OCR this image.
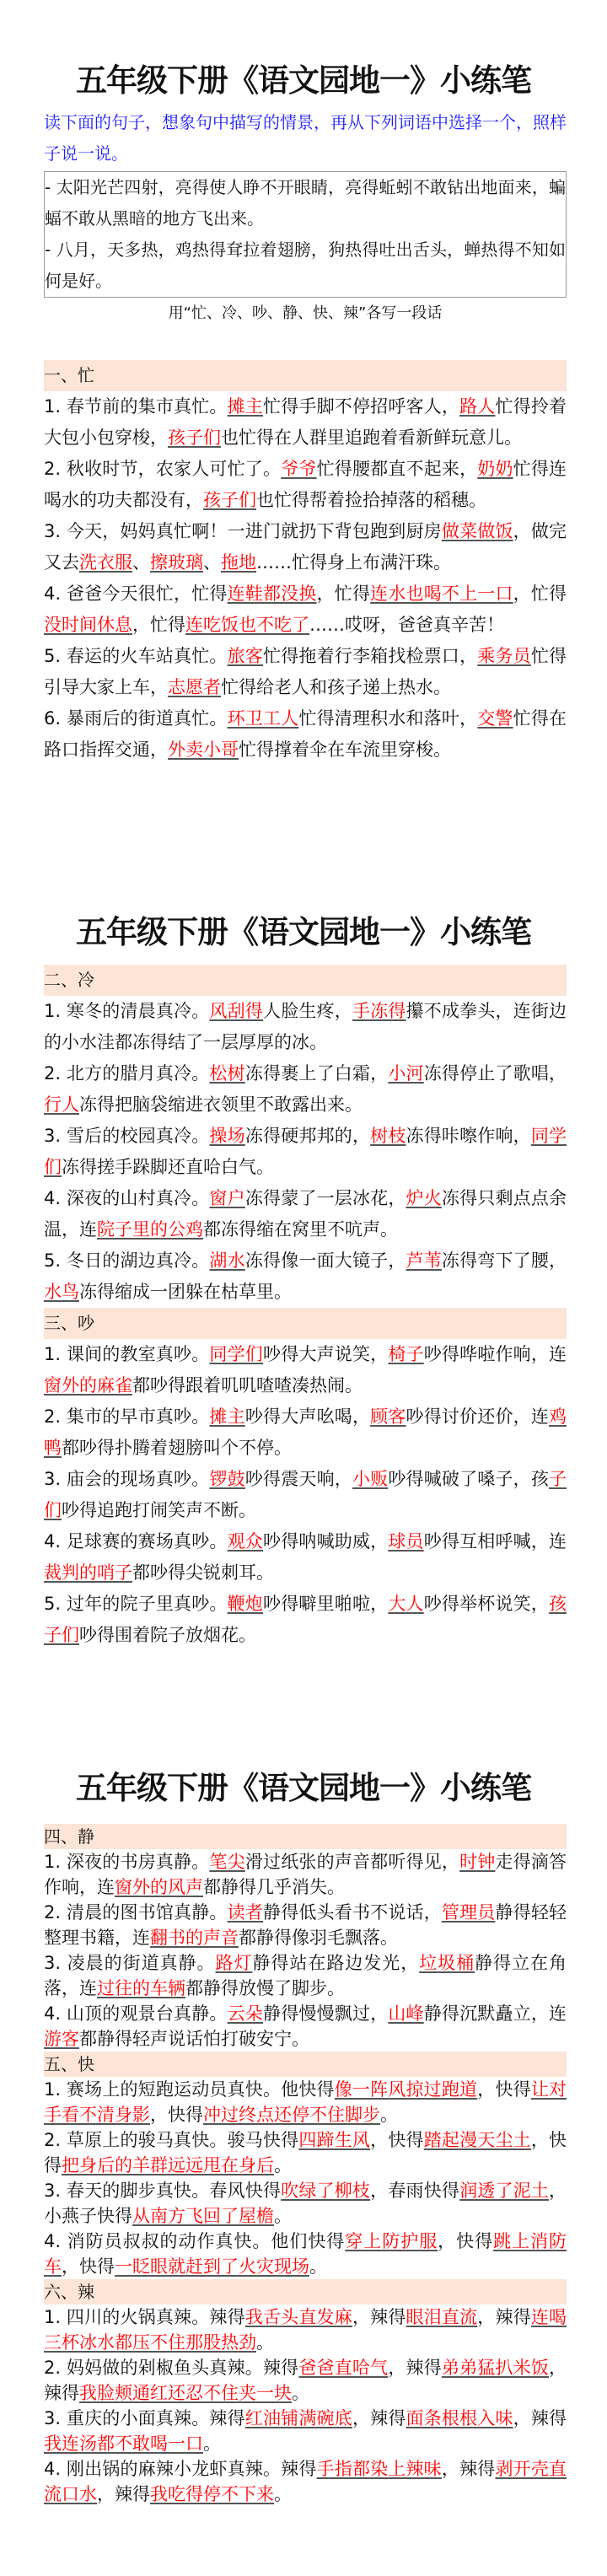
五年级下册《语文园地一》小练笔
读下面的句子，想象句中描写的情景，再从下列词语中选择一个，照样子说一说。
- 太阳光芒四射，亮得使人睁不开眼睛，亮得蚯蚓不敢钻出地面来，蝙蝠不敢从黑暗的地方飞出来。
- 八月，天多热，鸡热得耷拉着翅膀，狗热得吐出舌头，蝉热得不知如何是好。
用“忙、冷、吵、静、快、辣”各写一段话
一、忙
1. 春节前的集市真忙。摊主忙得手脚不停招呼客人，路人忙得拎着大包小包穿梭，孩子们也忙得在人群里追跑着看新鲜玩意儿。
2. 秋收时节，农家人可忙了。爷爷忙得腰都直不起来，奶奶忙得连喝水的功夫都没有，孩子们也忙得帮着捡拾掉落的稻穗。
3. 今天，妈妈真忙啊！一进门就扔下背包跑到厨房做菜做饭，做完又去洗衣服、擦玻璃、拖地……忙得身上布满汗珠。
4. 爸爸今天很忙，忙得连鞋都没换，忙得连水也喝不上一口，忙得没时间休息，忙得连吃饭也不吃了……哎呀，爸爸真辛苦！
5. 春运的火车站真忙。旅客忙得拖着行李箱找检票口，乘务员忙得引导大家上车，志愿者忙得给老人和孩子递上热水。
6. 暴雨后的街道真忙。环卫工人忙得清理积水和落叶，交警忙得在路口指挥交通，外卖小哥忙得撑着伞在车流里穿梭。
五年级下册《语文园地一》小练笔
二、冷
1. 寒冬的清晨真冷。风刮得人脸生疼，手冻得攥不成拳头，连街边的小水洼都冻得结了一层厚厚的冰。
2. 北方的腊月真冷。松树冻得裹上了白霜，小河冻得停止了歌唱，行人冻得把脑袋缩进衣领里不敢露出来。
3. 雪后的校园真冷。操场冻得硬邦邦的，树枝冻得咔嚓作响，同学们冻得搓手跺脚还直哈白气。
4. 深夜的山村真冷。窗户冻得蒙了一层冰花，炉火冻得只剩点点余温，连院子里的公鸡都冻得缩在窝里不吭声。
5. 冬日的湖边真冷。湖水冻得像一面大镜子，芦苇冻得弯下了腰，水鸟冻得缩成一团躲在枯草里。
三、吵
1. 课间的教室真吵。同学们吵得大声说笑，椅子吵得哗啦作响，连窗外的麻雀都吵得跟着叽叽喳喳凑热闹。
2. 集市的早市真吵。摊主吵得大声吆喝，顾客吵得讨价还价，连鸡鸭都吵得扑腾着翅膀叫个不停。
3. 庙会的现场真吵。锣鼓吵得震天响，小贩吵得喊破了嗓子，孩子们吵得追跑打闹笑声不断。
4. 足球赛的赛场真吵。观众吵得呐喊助威，球员吵得互相呼喊，连裁判的哨子都吵得尖锐刺耳。
5. 过年的院子里真吵。鞭炮吵得噼里啪啦，大人吵得举杯说笑，孩子们吵得围着院子放烟花。
五年级下册《语文园地一》小练笔
四、静
1. 深夜的书房真静。笔尖滑过纸张的声音都听得见，时钟走得滴答作响，连窗外的风声都静得几乎消失。
2. 清晨的图书馆真静。读者静得低头看书不说话，管理员静得轻轻整理书籍，连翻书的声音都静得像羽毛飘落。
3. 凌晨的街道真静。路灯静得站在路边发光，垃圾桶静得立在角落，连过往的车辆都静得放慢了脚步。
4. 山顶的观景台真静。云朵静得慢慢飘过，山峰静得沉默矗立，连游客都静得轻声说话怕打破安宁。
五、快
1. 赛场上的短跑运动员真快。他快得像一阵风掠过跑道，快得让对手看不清身影，快得冲过终点还停不住脚步。
2. 草原上的骏马真快。骏马快得四蹄生风，快得踏起漫天尘土，快得把身后的羊群远远甩在身后。
3. 春天的脚步真快。春风快得吹绿了柳枝，春雨快得润透了泥土，小燕子快得从南方飞回了屋檐。
4. 消防员叔叔的动作真快。他们快得穿上防护服，快得跳上消防车，快得一眨眼就赶到了火灾现场。
六、辣
1. 四川的火锅真辣。辣得我舌头直发麻，辣得眼泪直流，辣得连喝三杯冰水都压不住那股热劲。
2. 妈妈做的剁椒鱼头真辣。辣得爸爸直哈气，辣得弟弟猛扒米饭，辣得我脸颊通红还忍不住夹一块。
3. 重庆的小面真辣。辣得红油铺满碗底，辣得面条根根入味，辣得我连汤都不敢喝一口。
4. 刚出锅的麻辣小龙虾真辣。辣得手指都染上辣味，辣得剥开壳直流口水，辣得我吃得停不下来。
